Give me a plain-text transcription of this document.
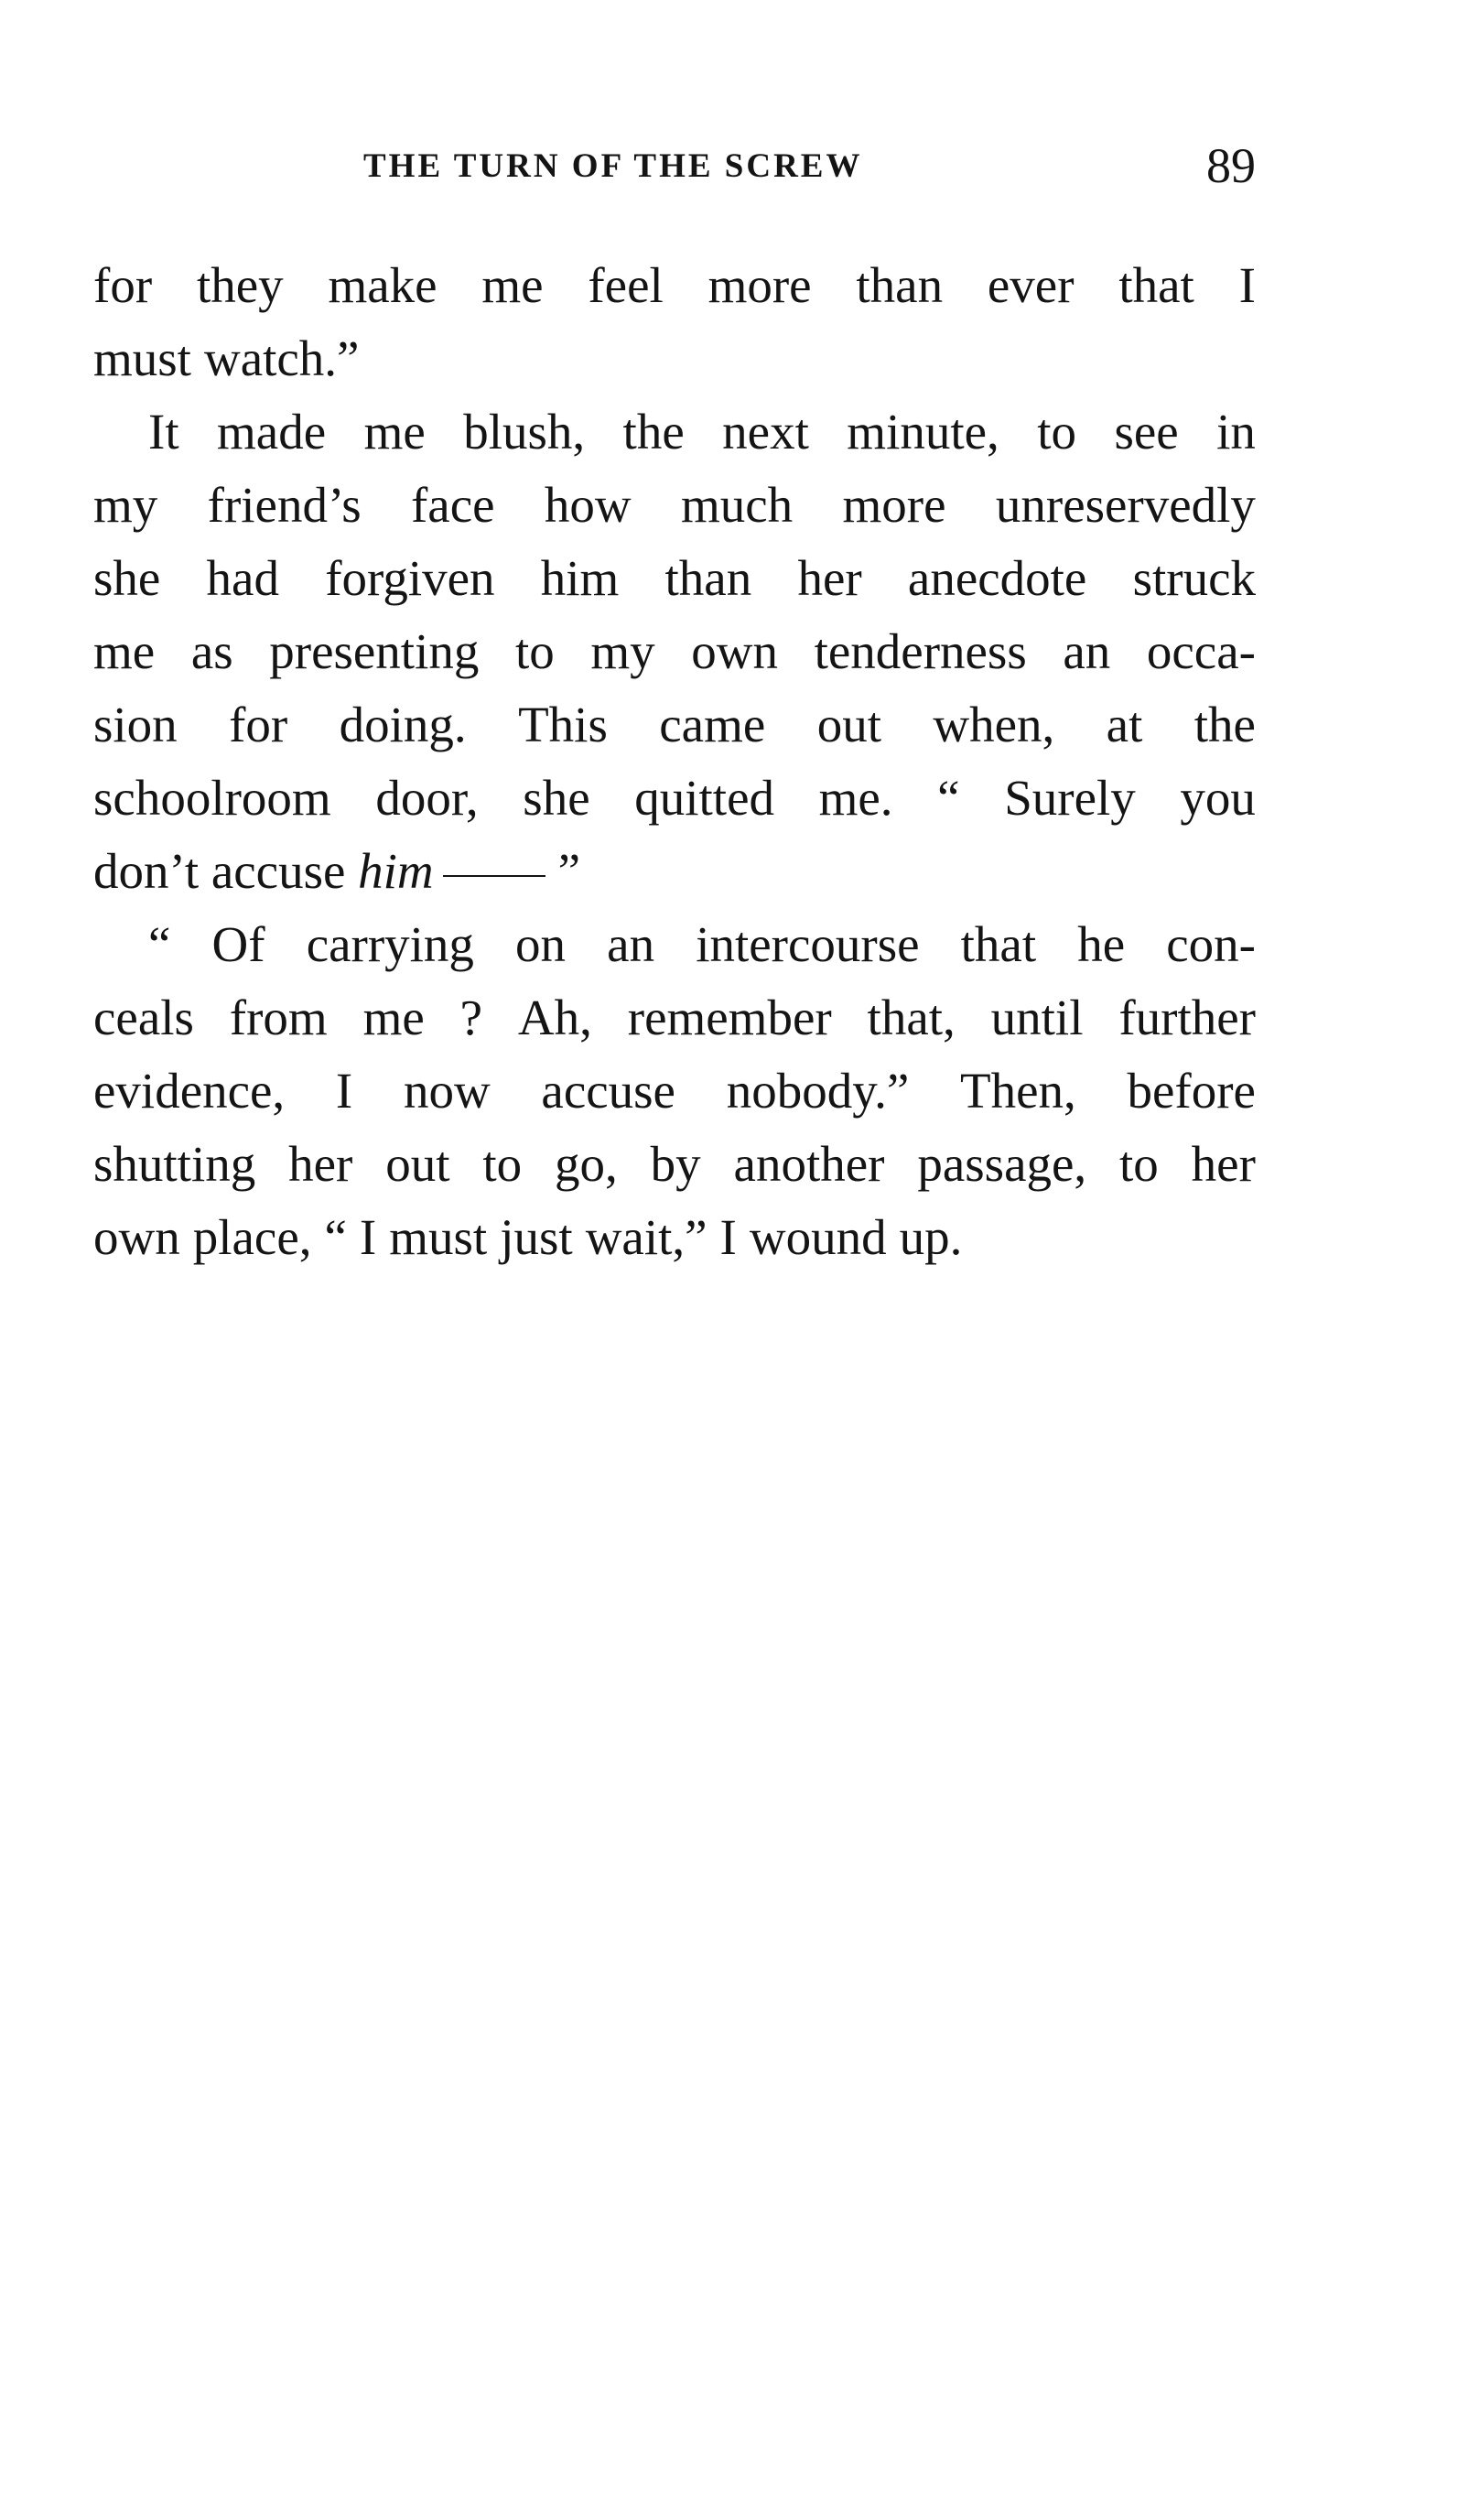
THE TURN OF THE SCREW	89
for they make me feel more than ever that I
must watch.”
It made me blush, the next minute, to see in
my friend’s face how much more unreservedly
she had forgiven him than her anecdote struck
me as presenting to my own tenderness an occa-
sion for doing. This came out when, at the
schoolroom door, she quitted me. “ Surely you
don’t accuse him ”
“ Of carrying on an intercourse that he con-
ceals from me ? Ah, remember that, until further
evidence, I now accuse nobody.” Then, before
shutting her out to go, by another passage, to her
own place, “ I must just wait,” I wound up.
